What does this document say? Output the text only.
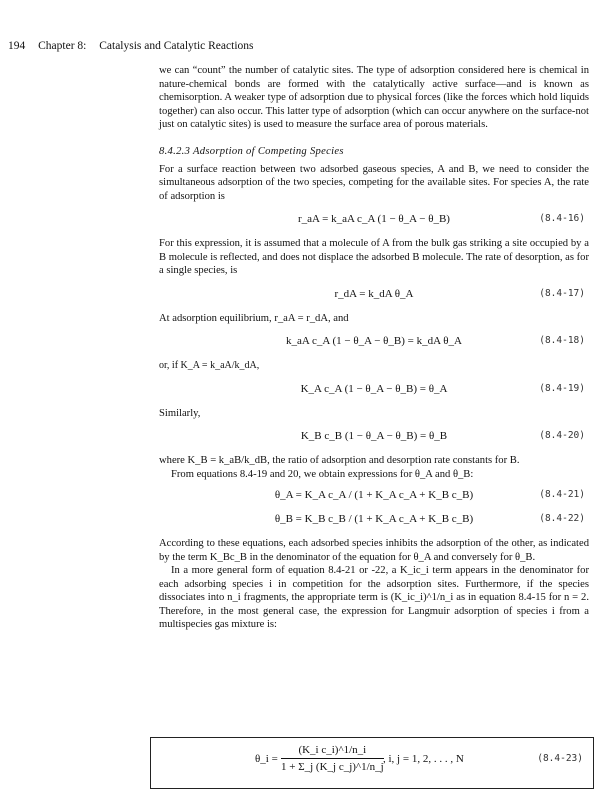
194 Chapter 8: Catalysis and Catalytic Reactions

we can “count” the number of catalytic sites. The type of adsorption considered here is chemical in nature-chemical bonds are formed with the catalytically active surface—and is known as chemisorption. A weaker type of adsorption due to physical forces (like the forces which hold liquids together) can also occur. This latter type of adsorption (which can occur anywhere on the surface-not just on catalytic sites) is used to measure the surface area of porous materials.

8.4.2.3 Adsorption of Competing Species

For a surface reaction between two adsorbed gaseous species, A and B, we need to consider the simultaneous adsorption of the two species, competing for the available sites. For species A, the rate of adsorption is

r_aA = k_aA c_A (1 − θ_A − θ_B)	(8.4-16)

For this expression, it is assumed that a molecule of A from the bulk gas striking a site occupied by a B molecule is reflected, and does not displace the adsorbed B molecule. The rate of desorption, as for a single species, is

r_dA = k_dA θ_A	(8.4-17)

At adsorption equilibrium, r_aA = r_dA, and

k_aA c_A (1 − θ_A − θ_B) = k_dA θ_A	(8.4-18)

or, if K_A = k_aA/k_dA,

K_A c_A (1 − θ_A − θ_B) = θ_A	(8.4-19)

Similarly,

K_B c_B (1 − θ_A − θ_B) = θ_B	(8.4-20)

where K_B = k_aB/k_dB, the ratio of adsorption and desorption rate constants for B.

From equations 8.4-19 and 20, we obtain expressions for θ_A and θ_B:

θ_A = K_A c_A / (1 + K_A c_A + K_B c_B)	(8.4-21)
θ_B = K_B c_B / (1 + K_A c_A + K_B c_B)	(8.4-22)

According to these equations, each adsorbed species inhibits the adsorption of the other, as indicated by the term K_Bc_B in the denominator of the equation for θ_A and conversely for θ_B.

In a more general form of equation 8.4-21 or -22, a K_ic_i term appears in the denominator for each adsorbing species i in competition for the adsorption sites. Furthermore, if the species dissociates into n_i fragments, the appropriate term is (K_ic_i)^1/n_i as in equation 8.4-15 for n = 2. Therefore, in the most general case, the expression for Langmuir adsorption of species i from a multispecies gas mixture is:

θ_i = $\frac{\text{(K\_i c\_i)\textasciicircum{}1/n\_i}}{\text{1 + Σ\_j (K\_j c\_j)\textasciicircum{}1/n\_j}}$ , i, j = 1, 2, . . . , N	(8.4-23)
